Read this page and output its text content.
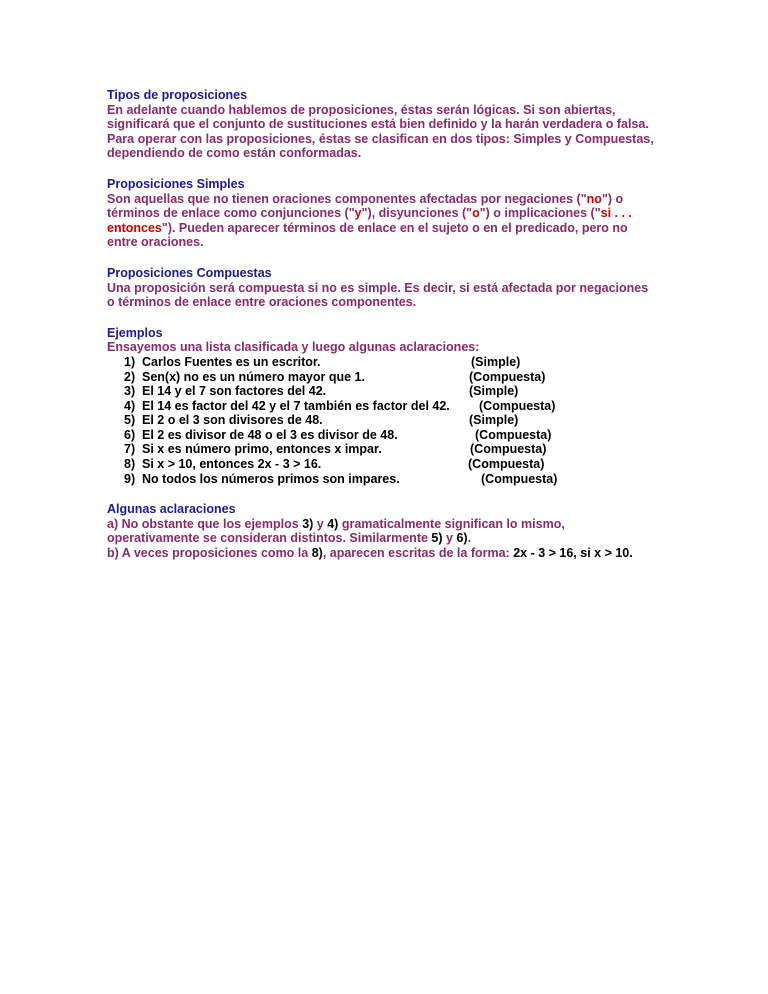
Tipos de proposiciones
En adelante cuando hablemos de proposiciones, éstas serán lógicas. Si son abiertas,
significará que el conjunto de sustituciones está bien definido y la harán verdadera o falsa.
Para operar con las proposiciones, éstas se clasifican en dos tipos: Simples y Compuestas,
dependiendo de como están conformadas.
Proposiciones Simples
Son aquellas que no tienen oraciones componentes afectadas por negaciones ("no") o
términos de enlace como conjunciones ("y"), disyunciones ("o") o implicaciones ("si . . .
entonces"). Pueden aparecer términos de enlace en el sujeto o en el predicado, pero no
entre oraciones.
Proposiciones Compuestas
Una proposición será compuesta si no es simple. Es decir, si está afectada por negaciones
o términos de enlace entre oraciones componentes.
Ejemplos
Ensayemos una lista clasificada y luego algunas aclaraciones:
1) Carlos Fuentes es un escritor.	(Simple)
2) Sen(x) no es un número mayor que 1.	(Compuesta)
3) El 14 y el 7 son factores del 42.	(Simple)
4) El 14 es factor del 42 y el 7 también es factor del 42. (Compuesta)
5) El 2 o el 3 son divisores de 48.	(Simple)
6) El 2 es divisor de 48 o el 3 es divisor de 48.	(Compuesta)
7) Si x es número primo, entonces x impar.	(Compuesta)
8) Si x > 10, entonces 2x - 3 > 16.	(Compuesta)
9) No todos los números primos son impares.	(Compuesta)
Algunas aclaraciones
a) No obstante que los ejemplos 3) y 4) gramaticalmente significan lo mismo,
operativamente se consideran distintos. Similarmente 5) y 6).
b) A veces proposiciones como la 8), aparecen escritas de la forma: 2x - 3 > 16, si x > 10.
